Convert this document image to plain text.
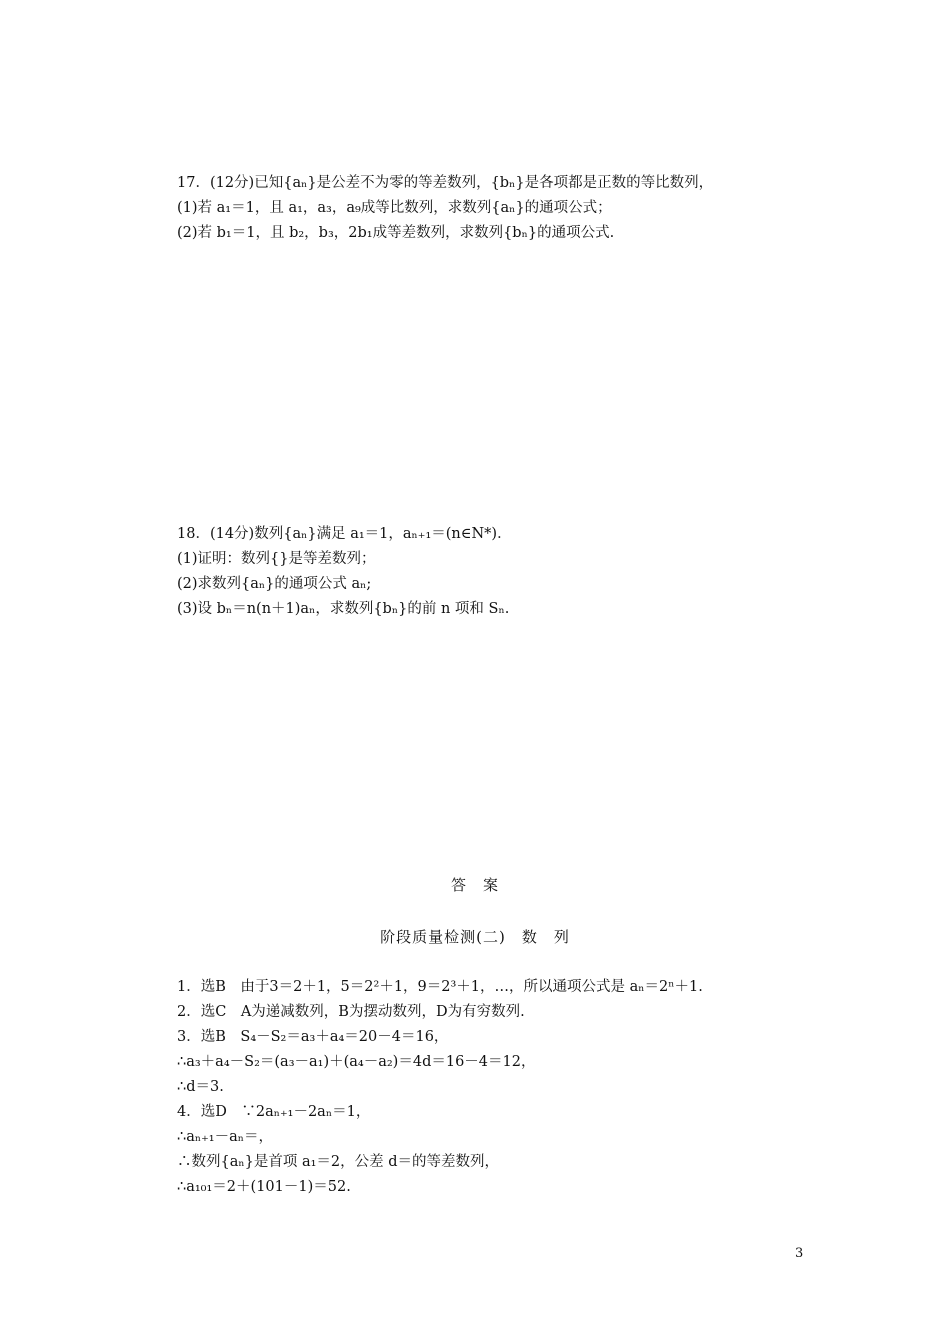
17．(12分)已知{aₙ}是公差不为零的等差数列，{bₙ}是各项都是正数的等比数列，
(1)若 a₁＝1，且 a₁，a₃，a₉成等比数列，求数列{aₙ}的通项公式；
(2)若 b₁＝1，且 b₂，b₃，2b₁成等差数列，求数列{bₙ}的通项公式.
18．(14分)数列{aₙ}满足 a₁＝1，aₙ₊₁＝(n∈N*)．
(1)证明：数列{}是等差数列；
(2)求数列{aₙ}的通项公式 aₙ;
(3)设 bₙ＝n(n＋1)aₙ，求数列{bₙ}的前 n 项和 Sₙ.
答　案
阶段质量检测(二)　数　列
1．选B　由于3＝2＋1，5＝2²＋1，9＝2³＋1，…，所以通项公式是 aₙ＝2ⁿ＋1.
2．选C　A为递减数列，B为摆动数列，D为有穷数列.
3．选B　S₄－S₂＝a₃＋a₄＝20－4＝16，
∴a₃＋a₄－S₂＝(a₃－a₁)＋(a₄－a₂)＝4d＝16－4＝12，
∴d＝3.
4．选D　∵2aₙ₊₁－2aₙ＝1，
∴aₙ₊₁－aₙ＝，
∴数列{aₙ}是首项 a₁＝2，公差 d＝的等差数列，
∴a₁₀₁＝2＋(101－1)＝52.
3
